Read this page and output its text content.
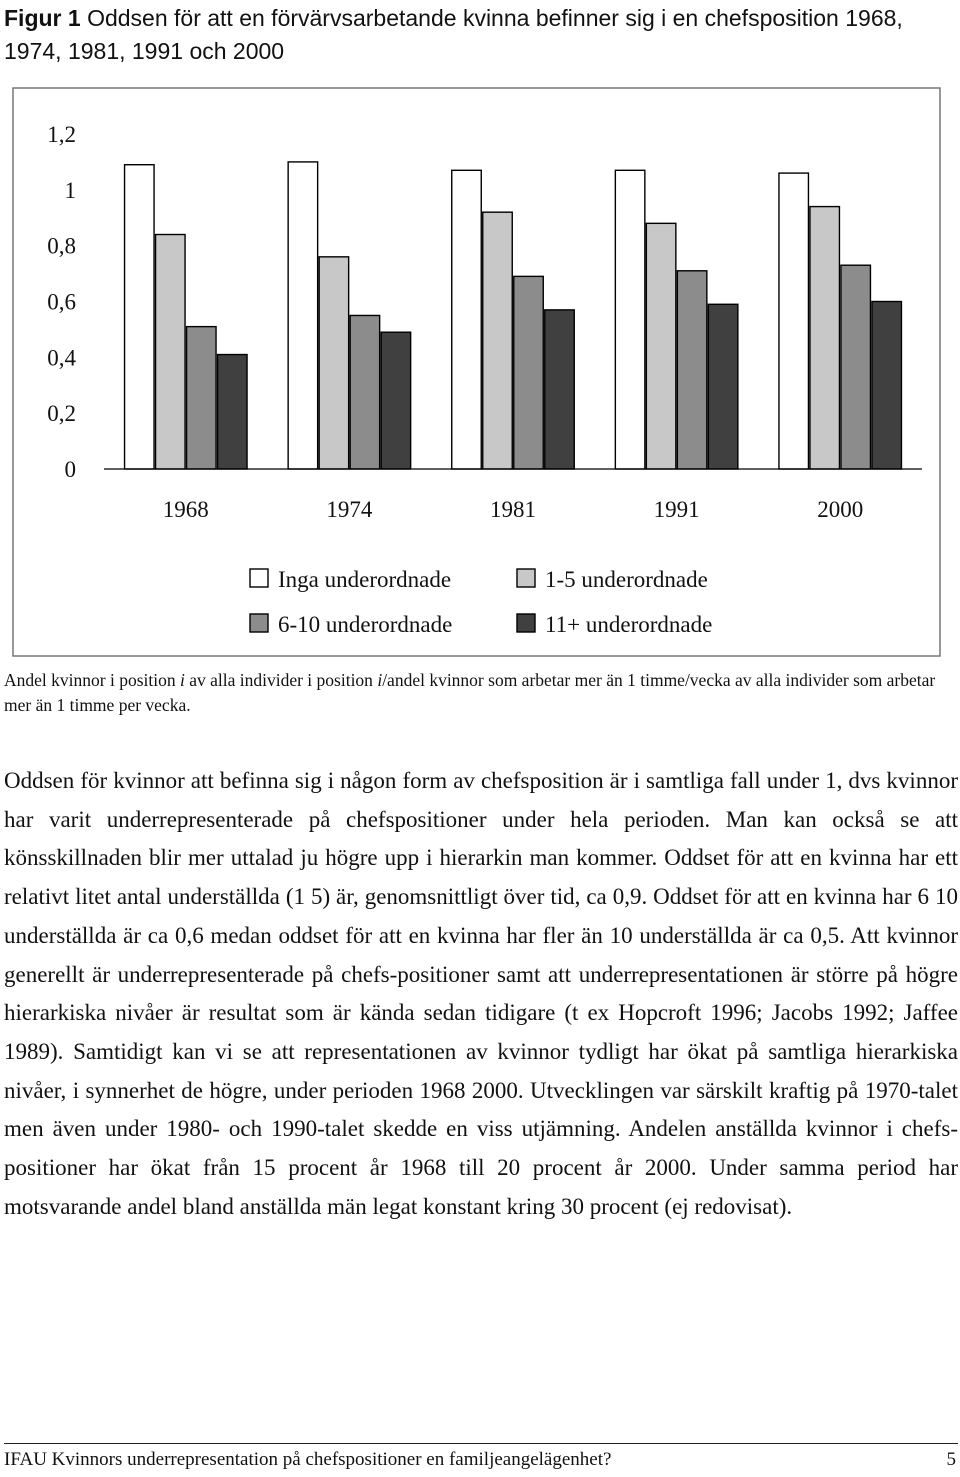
Figur 1 Oddsen för att en förvärvsarbetande kvinna befinner sig i en chefsposition 1968, 1974, 1981, 1991 och 2000
0
0,2
0,4
0,6
0,8
1
1,2
1968	1974	1981	1991	2000
Inga underordnade	1-5 underordnade
6-10 underordnade	11+ underordnade
Andel kvinnor i position i av alla individer i position i/andel kvinnor som arbetar mer än 1 timme/vecka av alla individer som arbetar mer än 1 timme per vecka.

Oddsen för kvinnor att befinna sig i någon form av chefsposition är i samtliga fall under 1, dvs kvinnor har varit underrepresenterade på chefspositioner under hela perioden. Man kan också se att könsskillnaden blir mer uttalad ju högre upp i hierarkin man kommer. Oddset för att en kvinna har ett relativt litet antal underställda (1 5) är, genomsnittligt över tid, ca 0,9. Oddset för att en kvinna har 6 10 underställda är ca 0,6 medan oddset för att en kvinna har fler än 10 underställda är ca 0,5. Att kvinnor generellt är underrepresenterade på chefs-positioner samt att underrepresentationen är större på högre hierarkiska nivåer är resultat som är kända sedan tidigare (t ex Hopcroft 1996; Jacobs 1992; Jaffee 1989). Samtidigt kan vi se att representationen av kvinnor tydligt har ökat på samtliga hierarkiska nivåer, i synnerhet de högre, under perioden 1968 2000. Utvecklingen var särskilt kraftig på 1970-talet men även under 1980- och 1990-talet skedde en viss utjämning. Andelen anställda kvinnor i chefs-positioner har ökat från 15 procent år 1968 till 20 procent år 2000. Under samma period har motsvarande andel bland anställda män legat konstant kring 30 procent (ej redovisat).

IFAU Kvinnors underrepresentation på chefspositioner en familjeangelägenhet?	5
